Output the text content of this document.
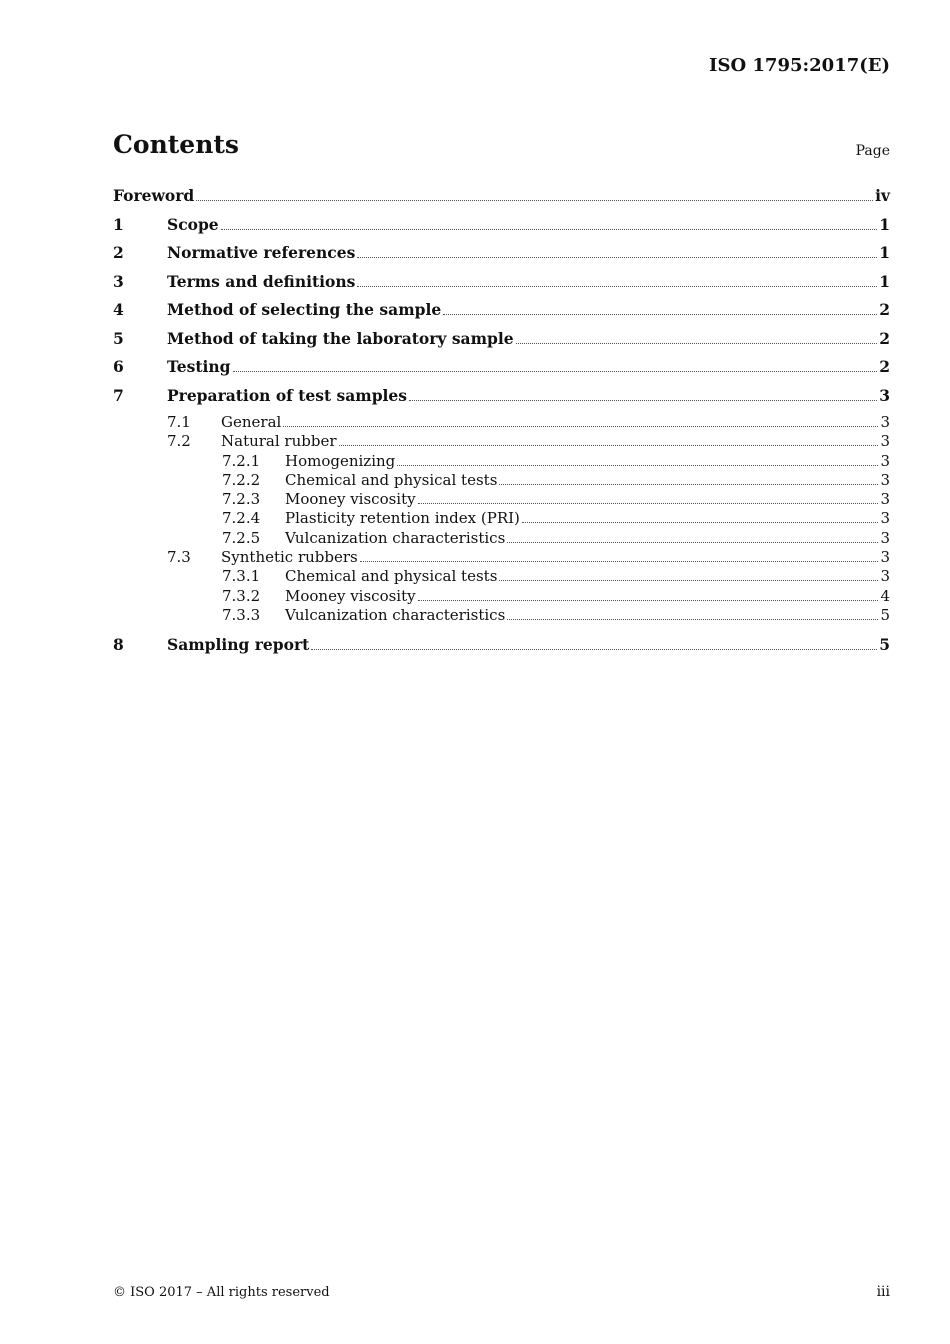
ISO 1795:2017(E)
Contents	Page
Foreword	iv
1	Scope	1
2	Normative references	1
3	Terms and definitions	1
4	Method of selecting the sample	2
5	Method of taking the laboratory sample	2
6	Testing	2
7	Preparation of test samples	3
7.1	General	3
7.2	Natural rubber	3
7.2.1	Homogenizing	3
7.2.2	Chemical and physical tests	3
7.2.3	Mooney viscosity	3
7.2.4	Plasticity retention index (PRI)	3
7.2.5	Vulcanization characteristics	3
7.3	Synthetic rubbers	3
7.3.1	Chemical and physical tests	3
7.3.2	Mooney viscosity	4
7.3.3	Vulcanization characteristics	5
8	Sampling report	5
© ISO 2017 – All rights reserved	iii
